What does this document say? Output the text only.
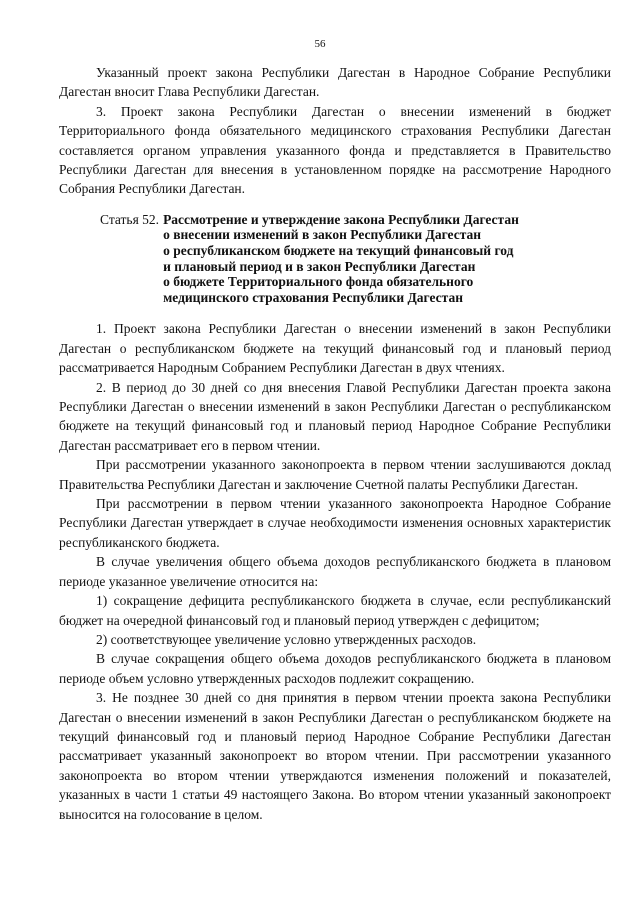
56

Указанный проект закона Республики Дагестан в Народное Собрание Республики Дагестан вносит Глава Республики Дагестан.

3. Проект закона Республики Дагестан о внесении изменений в бюджет Территориального фонда обязательного медицинского страхования Республики Дагестан составляется органом управления указанного фонда и представляется в Правительство Республики Дагестан для внесения в установленном порядке на рассмотрение Народного Собрания Республики Дагестан.

Статья 52. Рассмотрение и утверждение закона Республики Дагестан
о внесении изменений в закон Республики Дагестан
о республиканском бюджете на текущий финансовый год
и плановый период и в закон Республики Дагестан
о бюджете Территориального фонда обязательного
медицинского страхования Республики Дагестан

1. Проект закона Республики Дагестан о внесении изменений в закон Республики Дагестан о республиканском бюджете на текущий финансовый год и плановый период рассматривается Народным Собранием Республики Дагестан в двух чтениях.

2. В период до 30 дней со дня внесения Главой Республики Дагестан проекта закона Республики Дагестан о внесении изменений в закон Республики Дагестан о республиканском бюджете на текущий финансовый год и плановый период Народное Собрание Республики Дагестан рассматривает его в первом чтении.

При рассмотрении указанного законопроекта в первом чтении заслушиваются доклад Правительства Республики Дагестан и заключение Счетной палаты Республики Дагестан.

При рассмотрении в первом чтении указанного законопроекта Народное Собрание Республики Дагестан утверждает в случае необходимости изменения основных характеристик республиканского бюджета.

В случае увеличения общего объема доходов республиканского бюджета в плановом периоде указанное увеличение относится на:

1) сокращение дефицита республиканского бюджета в случае, если республиканский бюджет на очередной финансовый год и плановый период утвержден с дефицитом;

2) соответствующее увеличение условно утвержденных расходов.

В случае сокращения общего объема доходов республиканского бюджета в плановом периоде объем условно утвержденных расходов подлежит сокращению.

3. Не позднее 30 дней со дня принятия в первом чтении проекта закона Республики Дагестан о внесении изменений в закон Республики Дагестан о республиканском бюджете на текущий финансовый год и плановый период Народное Собрание Республики Дагестан рассматривает указанный законопроект во втором чтении. При рассмотрении указанного законопроекта во втором чтении утверждаются изменения положений и показателей, указанных в части 1 статьи 49 настоящего Закона. Во втором чтении указанный законопроект выносится на голосование в целом.
